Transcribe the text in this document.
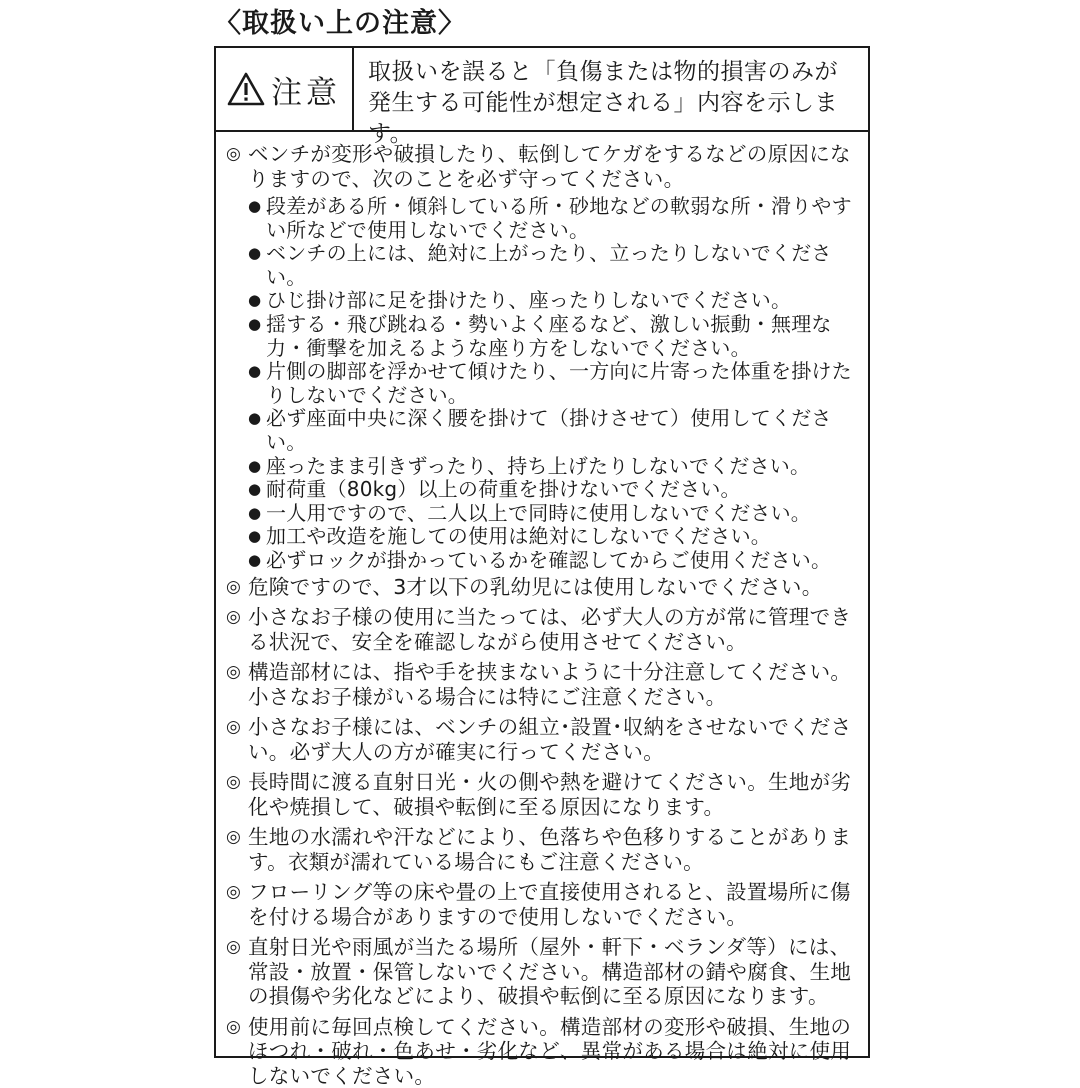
〈取扱い上の注意〉
注意
取扱いを誤ると「負傷または物的損害のみが発生する可能性が想定される」内容を示します。
◎ ベンチが変形や破損したり、転倒してケガをするなどの原因になりますので、次のことを必ず守ってください。
● 段差がある所・傾斜している所・砂地などの軟弱な所・滑りやすい所などで使用しないでください。
● ベンチの上には、絶対に上がったり、立ったりしないでください。
● ひじ掛け部に足を掛けたり、座ったりしないでください。
● 揺する・飛び跳ねる・勢いよく座るなど、激しい振動・無理な力・衝撃を加えるような座り方をしないでください。
● 片側の脚部を浮かせて傾けたり、一方向に片寄った体重を掛けたりしないでください。
● 必ず座面中央に深く腰を掛けて（掛けさせて）使用してください。
● 座ったまま引きずったり、持ち上げたりしないでください。
● 耐荷重（80kg）以上の荷重を掛けないでください。
● 一人用ですので、二人以上で同時に使用しないでください。
● 加工や改造を施しての使用は絶対にしないでください。
● 必ずロックが掛かっているかを確認してからご使用ください。
◎ 危険ですので、3才以下の乳幼児には使用しないでください。
◎ 小さなお子様の使用に当たっては、必ず大人の方が常に管理できる状況で、安全を確認しながら使用させてください。
◎ 構造部材には、指や手を挟まないように十分注意してください。小さなお子様がいる場合には特にご注意ください。
◎ 小さなお子様には、ベンチの組立･設置･収納をさせないでください。必ず大人の方が確実に行ってください。
◎ 長時間に渡る直射日光・火の側や熱を避けてください。生地が劣化や焼損して、破損や転倒に至る原因になります。
◎ 生地の水濡れや汗などにより、色落ちや色移りすることがあります。衣類が濡れている場合にもご注意ください。
◎ フローリング等の床や畳の上で直接使用されると、設置場所に傷を付ける場合がありますので使用しないでください。
◎ 直射日光や雨風が当たる場所（屋外・軒下・ベランダ等）には、常設・放置・保管しないでください。構造部材の錆や腐食、生地の損傷や劣化などにより、破損や転倒に至る原因になります。
◎ 使用前に毎回点検してください。構造部材の変形や破損、生地のほつれ・破れ・色あせ・劣化など、異常がある場合は絶対に使用しないでください。
